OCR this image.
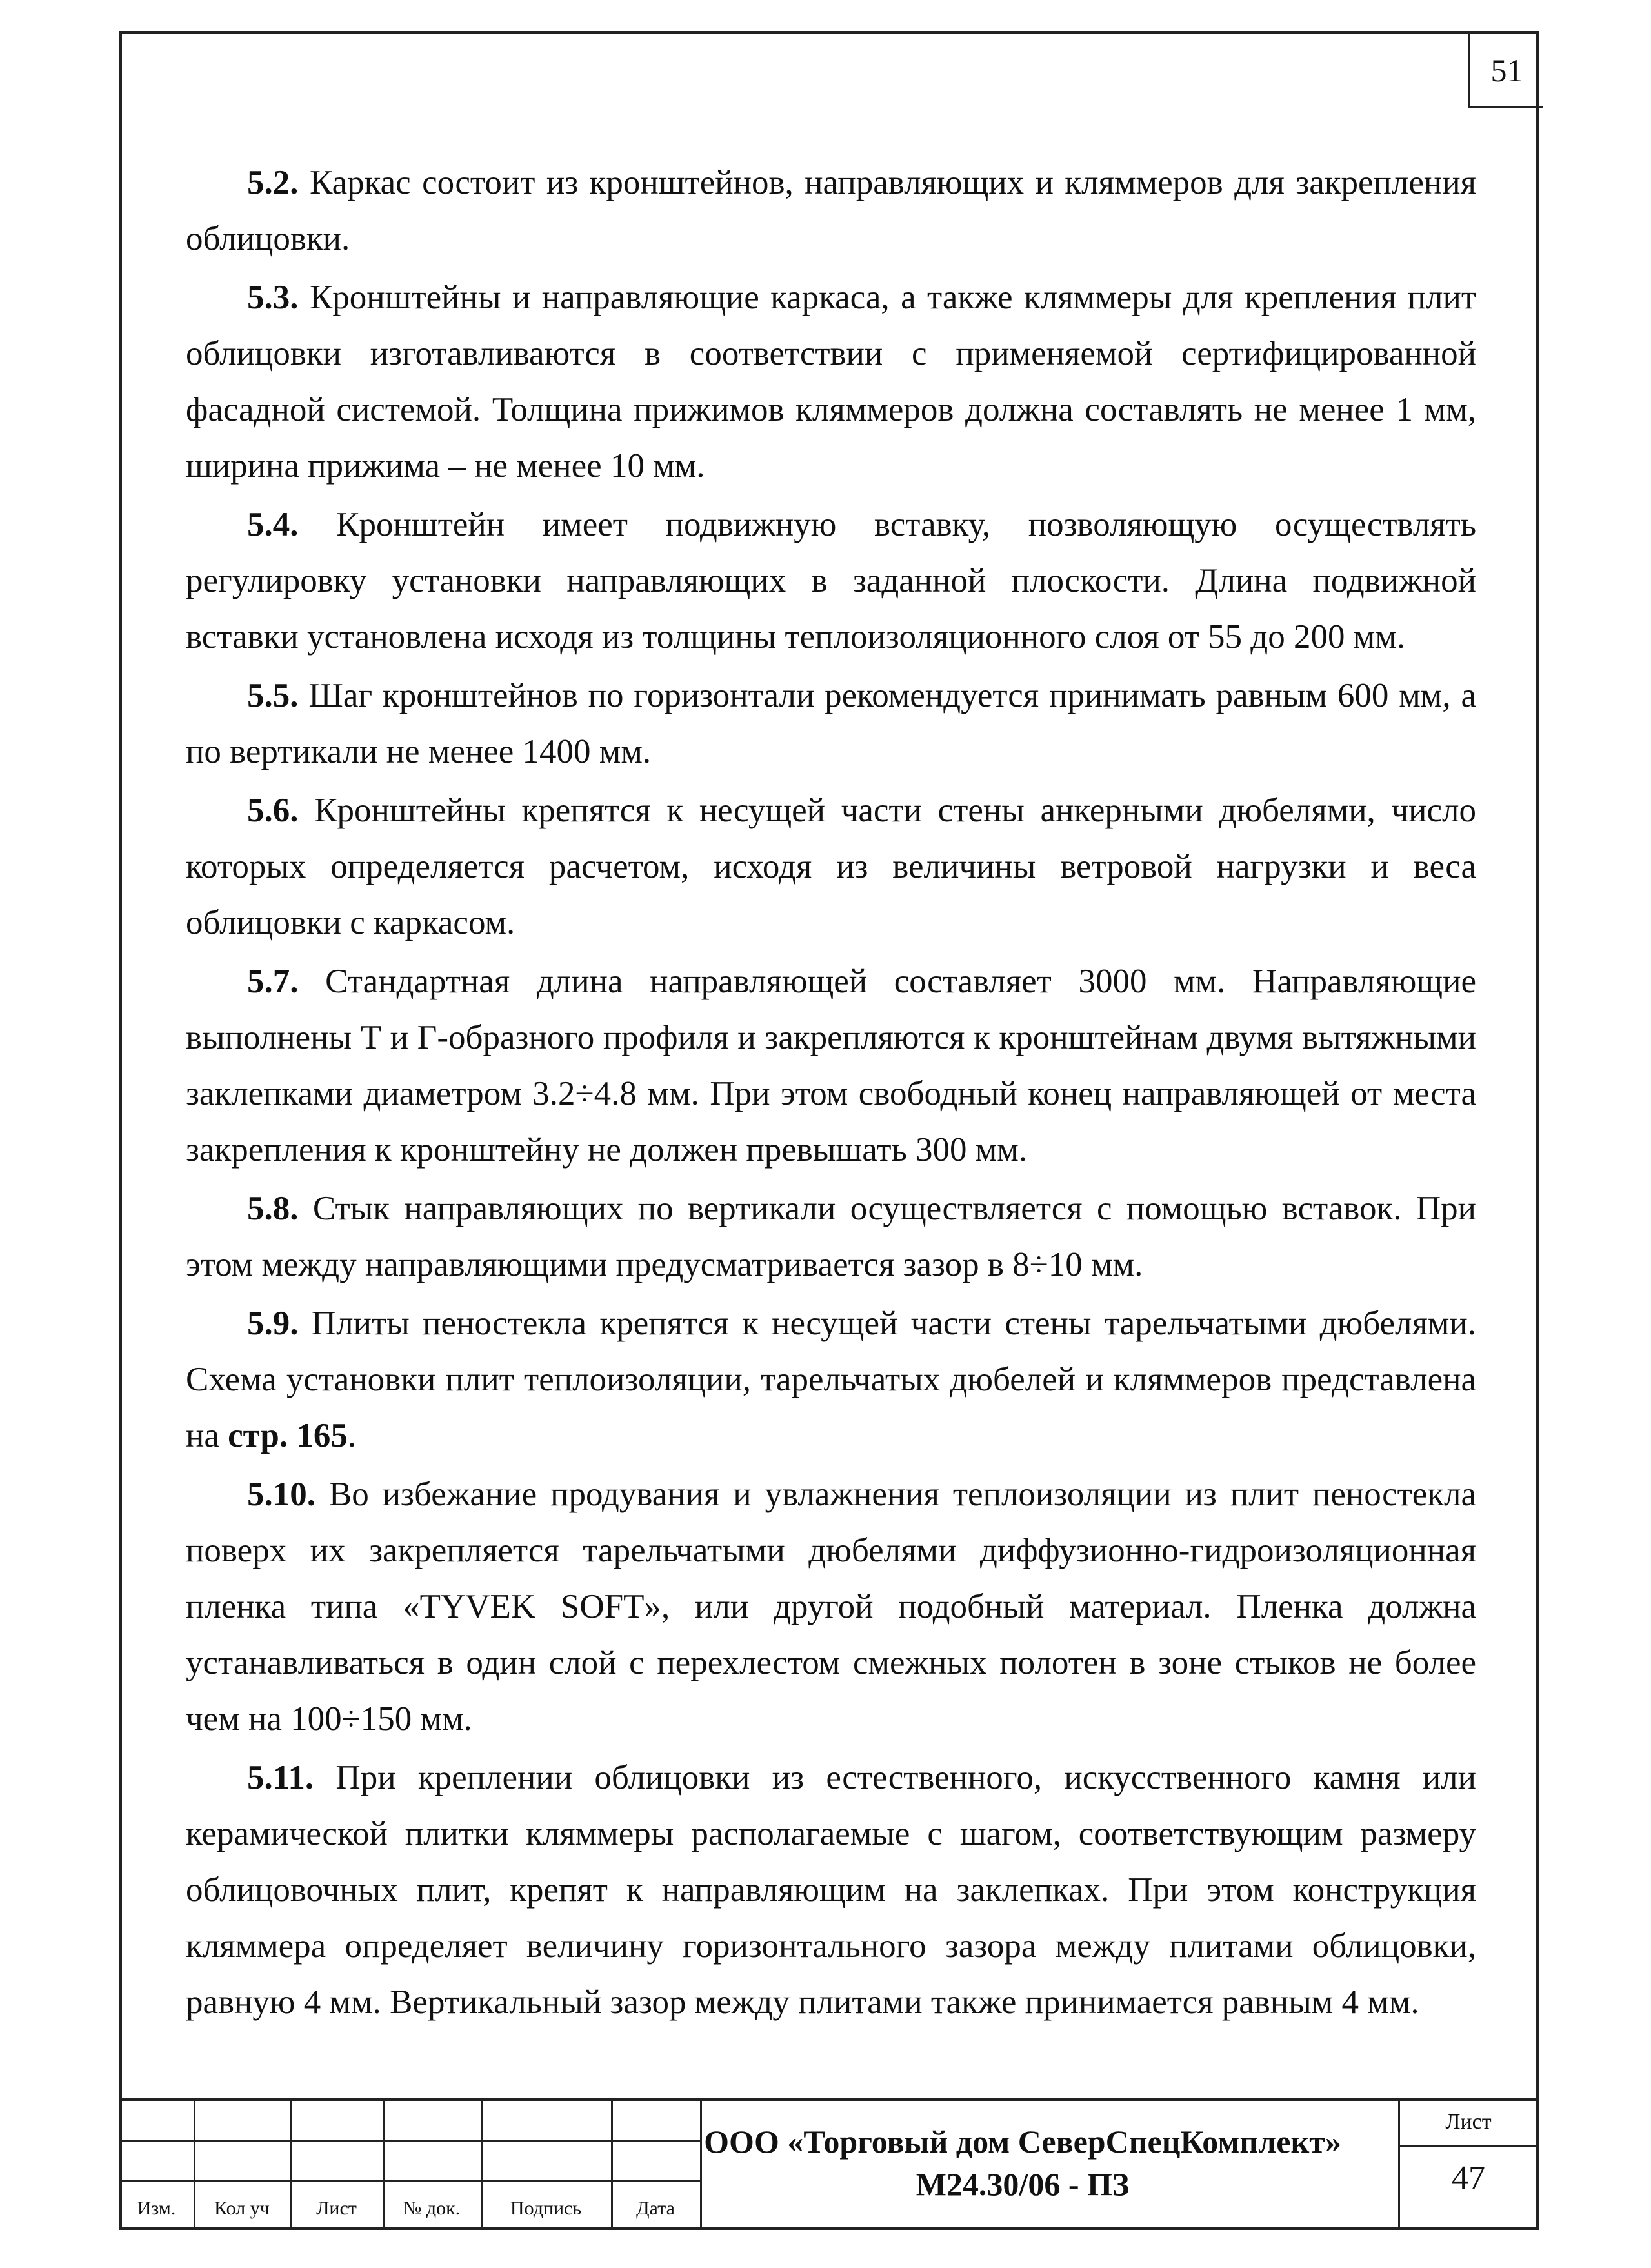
51

5.2. Каркас состоит из кронштейнов, направляющих и кляммеров для закрепления облицовки.

5.3. Кронштейны и направляющие каркаса, а также кляммеры для крепления плит облицовки изготавливаются в соответствии с применяемой сертифицированной фасадной системой. Толщина прижимов кляммеров должна составлять не менее 1 мм, ширина прижима – не менее 10 мм.

5.4. Кронштейн имеет подвижную вставку, позволяющую осуществлять регулировку установки направляющих в заданной плоскости. Длина подвижной вставки установлена исходя из толщины теплоизоляционного слоя от 55 до 200 мм.

5.5. Шаг кронштейнов по горизонтали рекомендуется принимать равным 600 мм, а по вертикали не менее 1400 мм.

5.6. Кронштейны крепятся к несущей части стены анкерными дюбелями, число которых определяется расчетом, исходя из величины ветровой нагрузки и веса облицовки с каркасом.

5.7. Стандартная длина направляющей составляет 3000 мм. Направляющие выполнены Т и Г-образного профиля и закрепляются к кронштейнам двумя вытяжными заклепками диаметром 3.2÷4.8 мм. При этом свободный конец направляющей от места закрепления к кронштейну не должен превышать 300 мм.

5.8. Стык направляющих по вертикали осуществляется с помощью вставок. При этом между направляющими предусматривается зазор в 8÷10 мм.

5.9. Плиты пеностекла крепятся к несущей части стены тарельчатыми дюбелями. Схема установки плит теплоизоляции, тарельчатых дюбелей и кляммеров представлена на стр. 165.

5.10. Во избежание продувания и увлажнения теплоизоляции из плит пеностекла поверх их закрепляется тарельчатыми дюбелями диффузионно-гидроизоляционная пленка типа «TYVEK SOFT», или другой подобный материал. Пленка должна устанавливаться в один слой с перехлестом смежных полотен в зоне стыков не более чем на 100÷150 мм.

5.11. При креплении облицовки из естественного, искусственного камня или керамической плитки кляммеры располагаемые с шагом, соответствующим размеру облицовочных плит, крепят к направляющим на заклепках. При этом конструкция кляммера определяет величину горизонтального зазора между плитами облицовки, равную 4 мм. Вертикальный зазор между плитами также принимается равным 4 мм.

Изм.	Кол уч	Лист	№ док.	Подпись	Дата
ООО «Торговый дом СеверСпецКомплект»
М24.30/06 - ПЗ
Лист
47
